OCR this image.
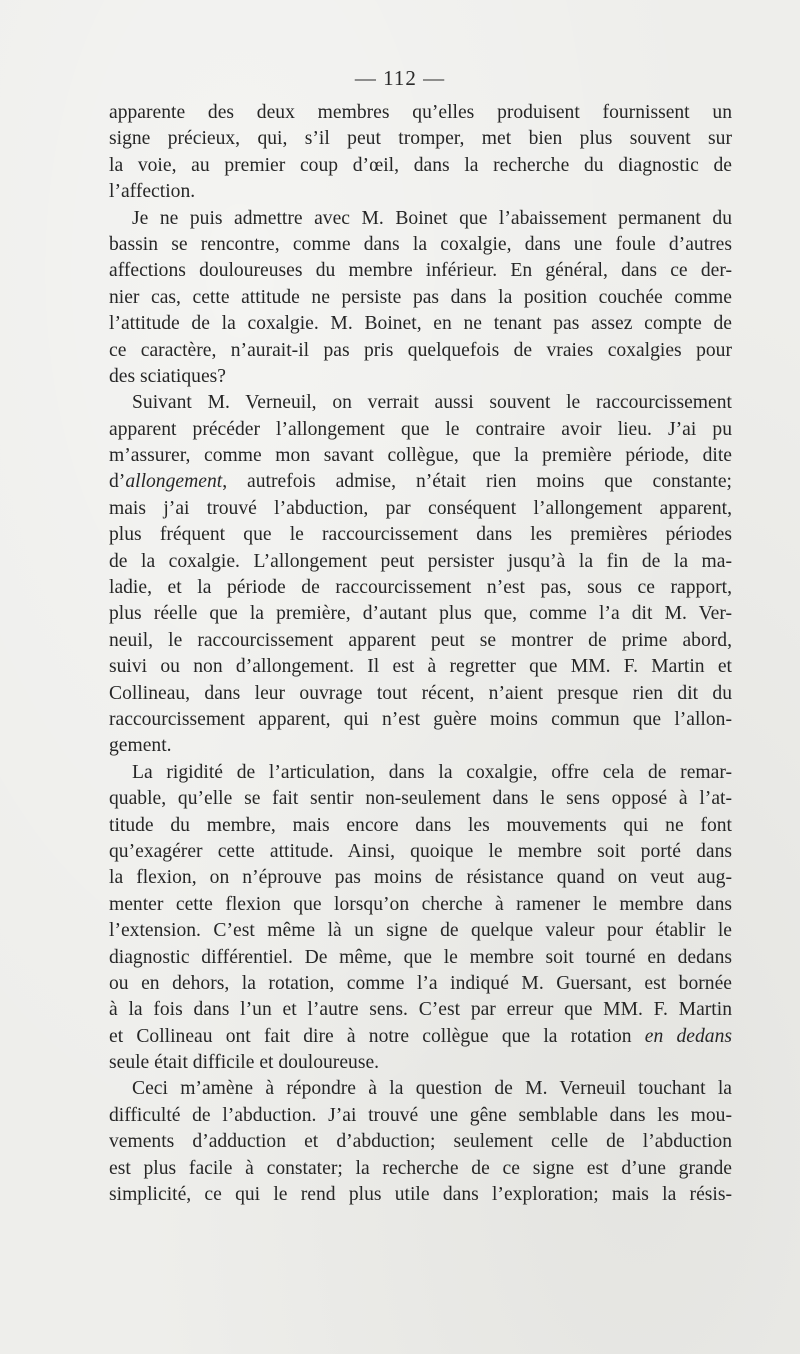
— 112 —
apparente des deux membres qu’elles produisent fournissent un
signe précieux, qui, s’il peut tromper, met bien plus souvent sur
la voie, au premier coup d’œil, dans la recherche du diagnostic de
l’affection.
Je ne puis admettre avec M. Boinet que l’abaissement permanent du
bassin se rencontre, comme dans la coxalgie, dans une foule d’autres
affections douloureuses du membre inférieur. En général, dans ce der-
nier cas, cette attitude ne persiste pas dans la position couchée comme
l’attitude de la coxalgie. M. Boinet, en ne tenant pas assez compte de
ce caractère, n’aurait-il pas pris quelquefois de vraies coxalgies pour
des sciatiques?
Suivant M. Verneuil, on verrait aussi souvent le raccourcissement
apparent précéder l’allongement que le contraire avoir lieu. J’ai pu
m’assurer, comme mon savant collègue, que la première période, dite
d’allongement, autrefois admise, n’était rien moins que constante;
mais j’ai trouvé l’abduction, par conséquent l’allongement apparent,
plus fréquent que le raccourcissement dans les premières périodes
de la coxalgie. L’allongement peut persister jusqu’à la fin de la ma-
ladie, et la période de raccourcissement n’est pas, sous ce rapport,
plus réelle que la première, d’autant plus que, comme l’a dit M. Ver-
neuil, le raccourcissement apparent peut se montrer de prime abord,
suivi ou non d’allongement. Il est à regretter que MM. F. Martin et
Collineau, dans leur ouvrage tout récent, n’aient presque rien dit du
raccourcissement apparent, qui n’est guère moins commun que l’allon-
gement.
La rigidité de l’articulation, dans la coxalgie, offre cela de remar-
quable, qu’elle se fait sentir non-seulement dans le sens opposé à l’at-
titude du membre, mais encore dans les mouvements qui ne font
qu’exagérer cette attitude. Ainsi, quoique le membre soit porté dans
la flexion, on n’éprouve pas moins de résistance quand on veut aug-
menter cette flexion que lorsqu’on cherche à ramener le membre dans
l’extension. C’est même là un signe de quelque valeur pour établir le
diagnostic différentiel. De même, que le membre soit tourné en dedans
ou en dehors, la rotation, comme l’a indiqué M. Guersant, est bornée
à la fois dans l’un et l’autre sens. C’est par erreur que MM. F. Martin
et Collineau ont fait dire à notre collègue que la rotation en dedans
seule était difficile et douloureuse.
Ceci m’amène à répondre à la question de M. Verneuil touchant la
difficulté de l’abduction. J’ai trouvé une gêne semblable dans les mou-
vements d’adduction et d’abduction; seulement celle de l’abduction
est plus facile à constater; la recherche de ce signe est d’une grande
simplicité, ce qui le rend plus utile dans l’exploration; mais la résis-
